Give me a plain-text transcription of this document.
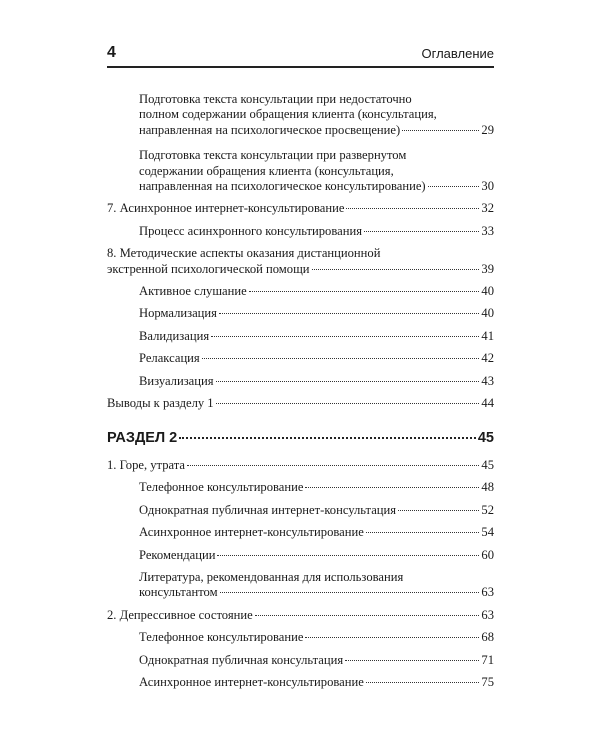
4	Оглавление
Подготовка текста консультации при недостаточно
полном содержании обращения клиента (консультация,
направленная на психологическое просвещение)	29
Подготовка текста консультации при развернутом
содержании обращения клиента (консультация,
направленная на психологическое консультирование)	30
7. Асинхронное интернет-консультирование	32
Процесс асинхронного консультирования	33
8. Методические аспекты оказания дистанционной
экстренной психологической помощи	39
Активное слушание	40
Нормализация	40
Валидизация	41
Релаксация	42
Визуализация	43
Выводы к разделу 1	44
РАЗДЕЛ 2	45
1. Горе, утрата	45
Телефонное консультирование	48
Однократная публичная интернет-консультация	52
Асинхронное интернет-консультирование	54
Рекомендации	60
Литература, рекомендованная для использования
консультантом	63
2. Депрессивное состояние	63
Телефонное консультирование	68
Однократная публичная консультация	71
Асинхронное интернет-консультирование	75
